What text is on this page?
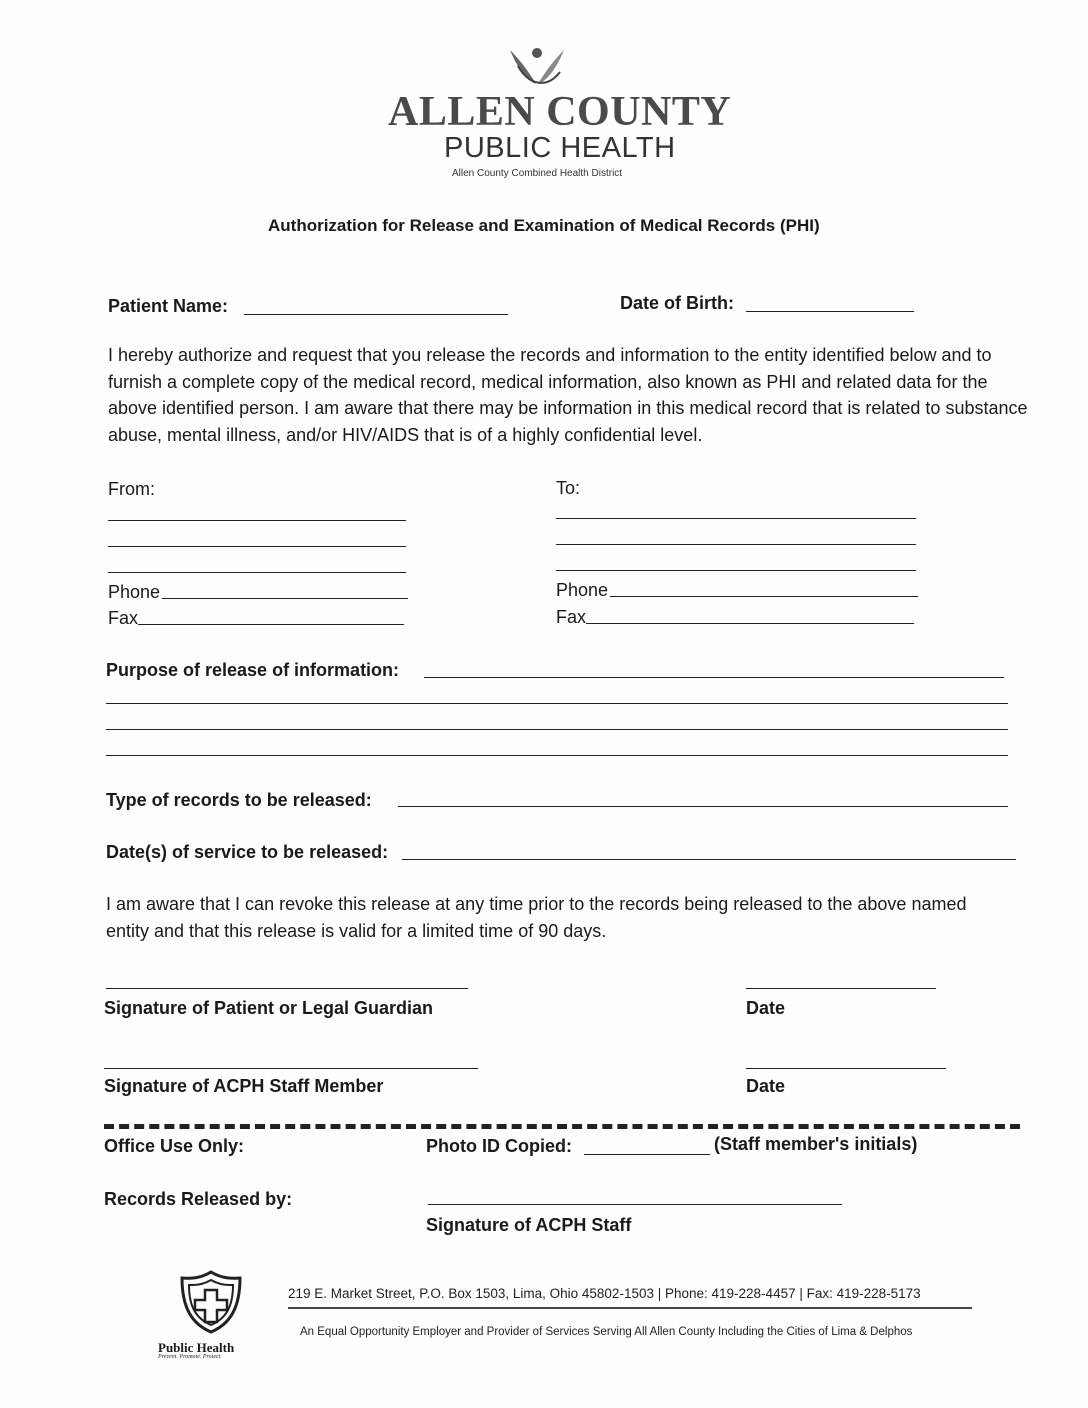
ALLEN COUNTY
PUBLIC HEALTH
Allen County Combined Health District
Authorization for Release and Examination of Medical Records (PHI)
Patient Name:	Date of Birth:
I hereby authorize and request that you release the records and information to the entity identified below and to furnish a complete copy of the medical record, medical information, also known as PHI and related data for the above identified person. I am aware that there may be information in this medical record that is related to substance abuse, mental illness, and/or HIV/AIDS that is of a highly confidential level.
From:	To:
Phone
Fax
Phone
Fax
Purpose of release of information:
Type of records to be released:
Date(s) of service to be released:
I am aware that I can revoke this release at any time prior to the records being released to the above named entity and that this release is valid for a limited time of 90 days.
Signature of Patient or Legal Guardian	Date
Signature of ACPH Staff Member	Date
Office Use Only:	Photo ID Copied:	(Staff member's initials)
Records Released by:
Signature of ACPH Staff
Public Health
Prevent. Promote. Protect.
219 E. Market Street, P.O. Box 1503, Lima, Ohio 45802-1503 | Phone: 419-228-4457 | Fax: 419-228-5173
An Equal Opportunity Employer and Provider of Services Serving All Allen County Including the Cities of Lima & Delphos
